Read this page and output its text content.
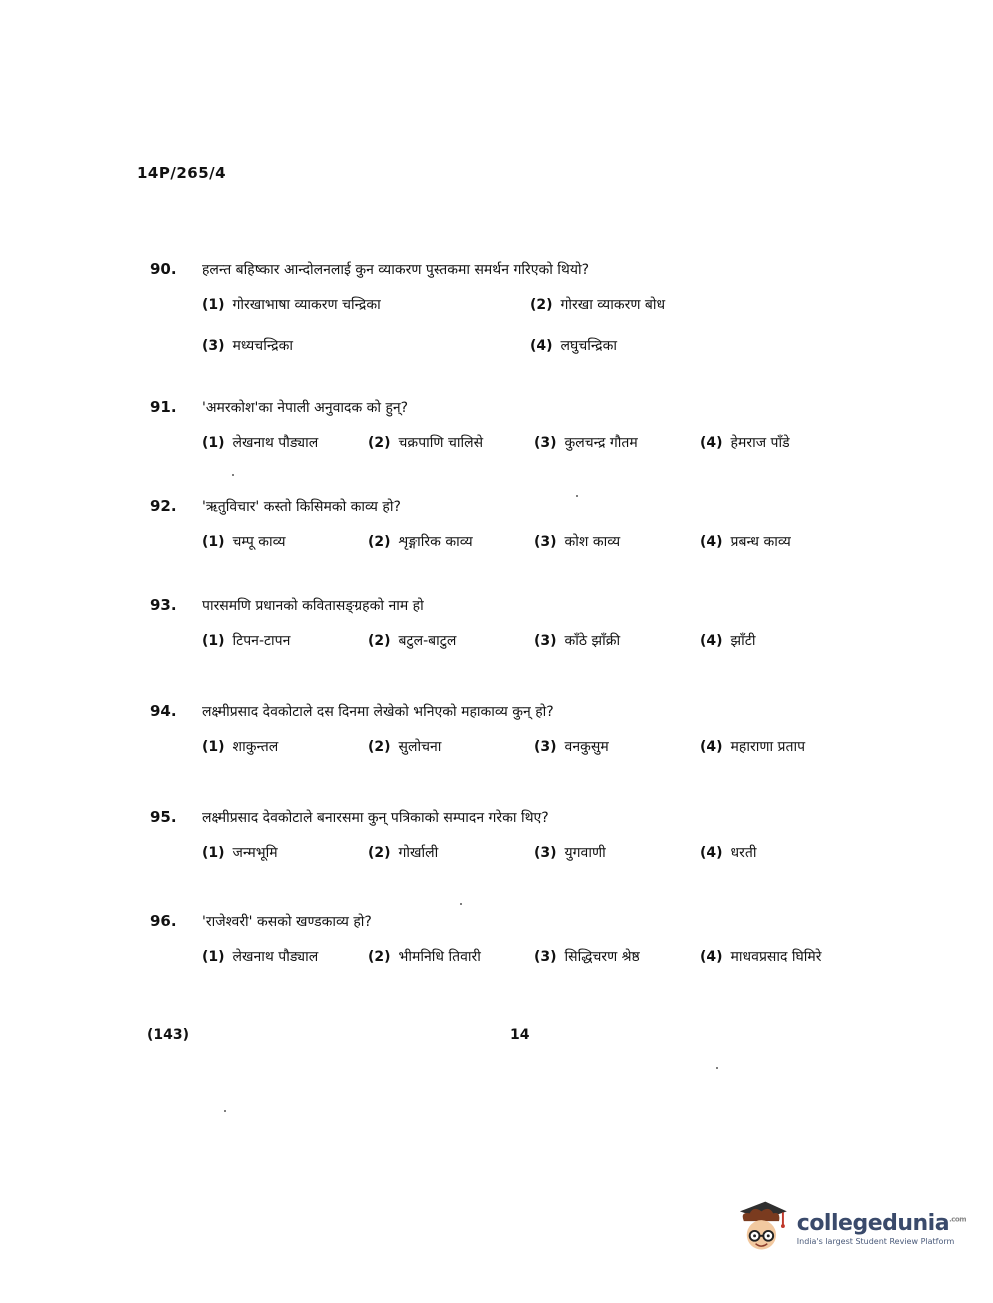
14P/265/4
90.	हलन्त बहिष्कार आन्दोलनलाई कुन व्याकरण पुस्तकमा समर्थन गरिएको थियो?
(1) गोरखाभाषा व्याकरण चन्द्रिका	(2) गोरखा व्याकरण बोध
(3) मध्यचन्द्रिका	(4) लघुचन्द्रिका
91.	'अमरकोश'का नेपाली अनुवादक को हुन्?
(1) लेखनाथ पौड्याल	(2) चक्रपाणि चालिसे	(3) कुलचन्द्र गौतम	(4) हेमराज पाँडे
92.	'ऋतुविचार' कस्तो किसिमको काव्य हो?
(1) चम्पू काव्य	(2) शृङ्गारिक काव्य	(3) कोश काव्य	(4) प्रबन्ध काव्य
93.	पारसमणि प्रधानको कवितासङ्ग्रहको नाम हो
(1) टिपन-टापन	(2) बटुल-बाटुल	(3) काँठे झाँक्री	(4) झाँटी
94.	लक्ष्मीप्रसाद देवकोटाले दस दिनमा लेखेको भनिएको महाकाव्य कुन् हो?
(1) शाकुन्तल	(2) सुलोचना	(3) वनकुसुम	(4) महाराणा प्रताप
95.	लक्ष्मीप्रसाद देवकोटाले बनारसमा कुन् पत्रिकाको सम्पादन गरेका थिए?
(1) जन्मभूमि	(2) गोर्खाली	(3) युगवाणी	(4) धरती
96.	'राजेश्वरी' कसको खण्डकाव्य हो?
(1) लेखनाथ पौड्याल	(2) भीमनिधि तिवारी	(3) सिद्धिचरण श्रेष्ठ	(4) माधवप्रसाद घिमिरे
(143)	14
collegedunia$^{.com}$
India's largest Student Review Platform
